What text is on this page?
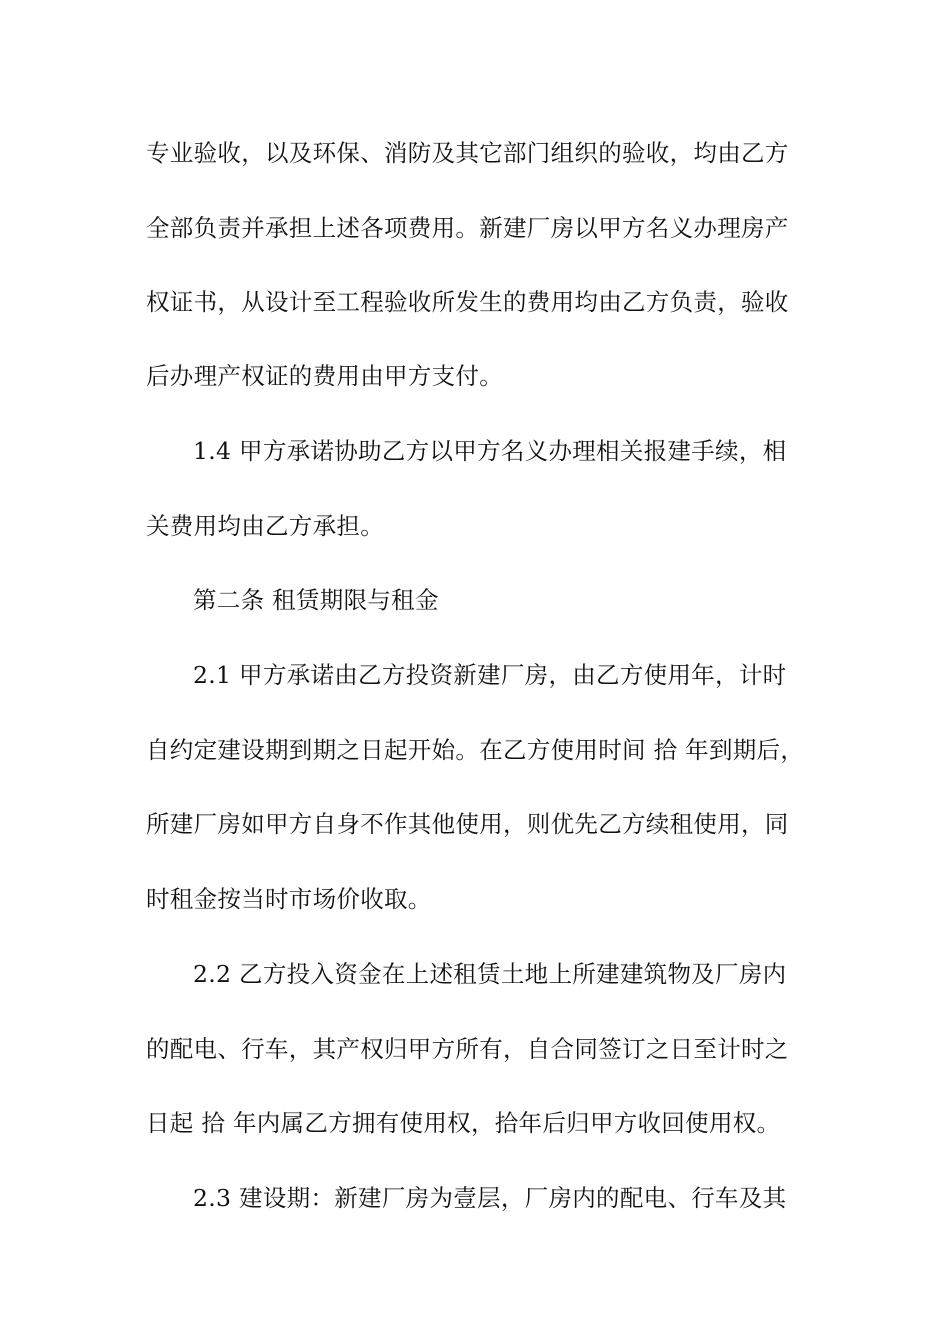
专业验收，以及环保、消防及其它部门组织的验收，均由乙方
全部负责并承担上述各项费用。新建厂房以甲方名义办理房产
权证书，从设计至工程验收所发生的费用均由乙方负责，验收
后办理产权证的费用由甲方支付。
1.4 甲方承诺协助乙方以甲方名义办理相关报建手续，相
关费用均由乙方承担。
第二条 租赁期限与租金
2.1 甲方承诺由乙方投资新建厂房，由乙方使用年，计时
自约定建设期到期之日起开始。在乙方使用时间 拾 年到期后，
所建厂房如甲方自身不作其他使用，则优先乙方续租使用，同
时租金按当时市场价收取。
2.2 乙方投入资金在上述租赁土地上所建建筑物及厂房内
的配电、行车，其产权归甲方所有，自合同签订之日至计时之
日起 拾 年内属乙方拥有使用权，拾年后归甲方收回使用权。
2.3 建设期：新建厂房为壹层，厂房内的配电、行车及其
